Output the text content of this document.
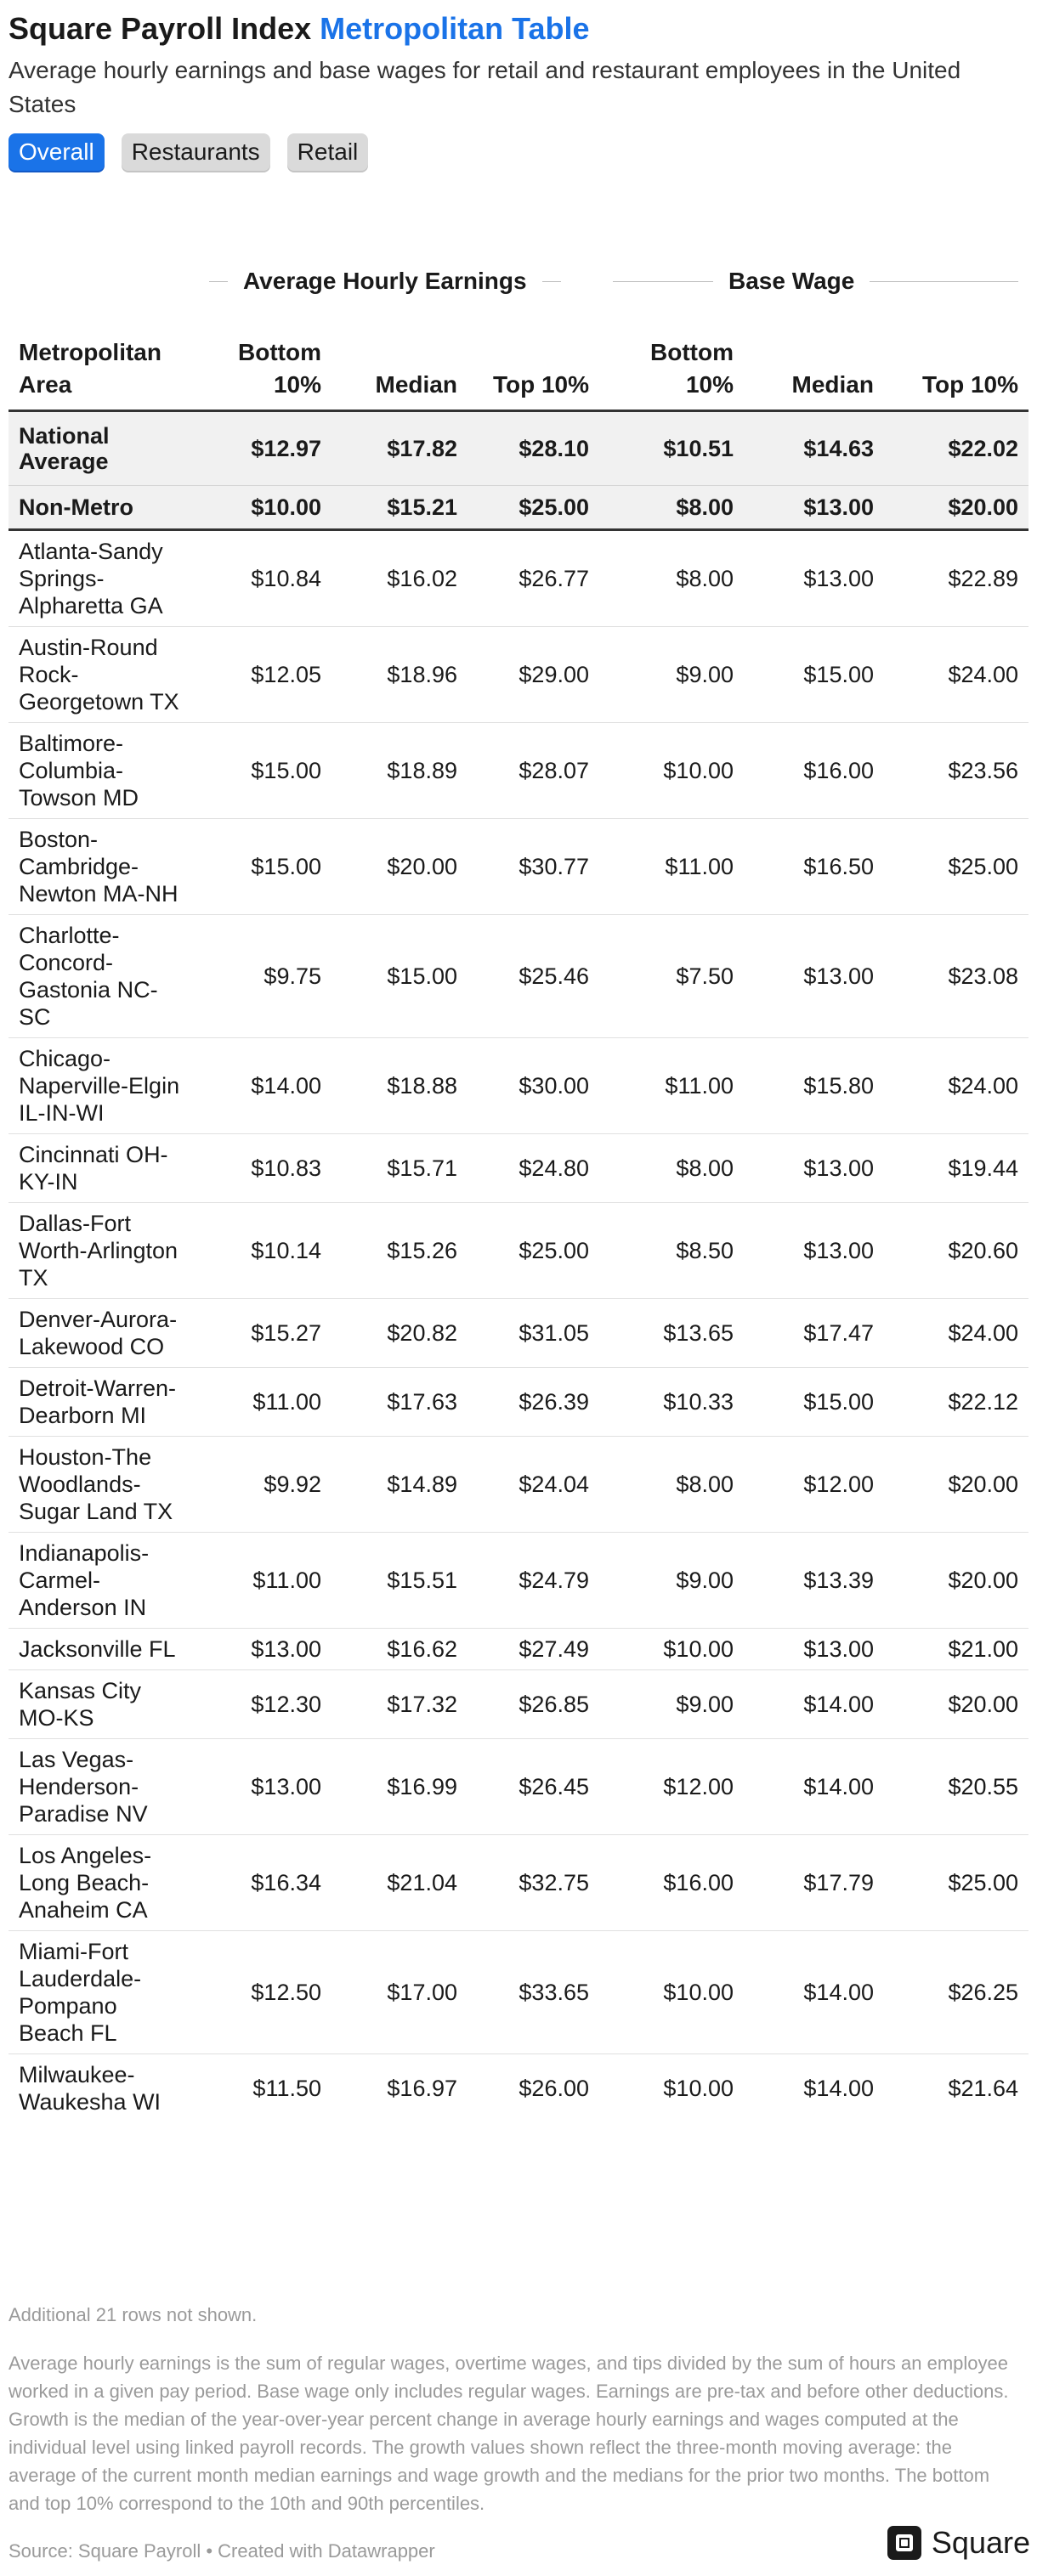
Square Payroll Index Metropolitan Table
Average hourly earnings and base wages for retail and restaurant employees in the United States
Overall	Restaurants	Retail

	Average Hourly Earnings			Base Wage		

Metropolitan Area	Bottom 10%	Median	Top 10%	Bottom 10%	Median	Top 10%
National Average	$12.97	$17.82	$28.10	$10.51	$14.63	$22.02
Non-Metro	$10.00	$15.21	$25.00	$8.00	$13.00	$20.00
Atlanta-Sandy Springs-Alpharetta GA	$10.84	$16.02	$26.77	$8.00	$13.00	$22.89
Austin-Round Rock-Georgetown TX	$12.05	$18.96	$29.00	$9.00	$15.00	$24.00
Baltimore-Columbia-Towson MD	$15.00	$18.89	$28.07	$10.00	$16.00	$23.56
Boston-Cambridge-Newton MA-NH	$15.00	$20.00	$30.77	$11.00	$16.50	$25.00
Charlotte-Concord-Gastonia NC-SC	$9.75	$15.00	$25.46	$7.50	$13.00	$23.08
Chicago-Naperville-Elgin IL-IN-WI	$14.00	$18.88	$30.00	$11.00	$15.80	$24.00
Cincinnati OH-KY-IN	$10.83	$15.71	$24.80	$8.00	$13.00	$19.44
Dallas-Fort Worth-Arlington TX	$10.14	$15.26	$25.00	$8.50	$13.00	$20.60
Denver-Aurora-Lakewood CO	$15.27	$20.82	$31.05	$13.65	$17.47	$24.00
Detroit-Warren-Dearborn MI	$11.00	$17.63	$26.39	$10.33	$15.00	$22.12
Houston-The Woodlands-Sugar Land TX	$9.92	$14.89	$24.04	$8.00	$12.00	$20.00
Indianapolis-Carmel-Anderson IN	$11.00	$15.51	$24.79	$9.00	$13.39	$20.00
Jacksonville FL	$13.00	$16.62	$27.49	$10.00	$13.00	$21.00
Kansas City MO-KS	$12.30	$17.32	$26.85	$9.00	$14.00	$20.00
Las Vegas-Henderson-Paradise NV	$13.00	$16.99	$26.45	$12.00	$14.00	$20.55
Los Angeles-Long Beach-Anaheim CA	$16.34	$21.04	$32.75	$16.00	$17.79	$25.00
Miami-Fort Lauderdale-Pompano Beach FL	$12.50	$17.00	$33.65	$10.00	$14.00	$26.25
Milwaukee-Waukesha WI	$11.50	$16.97	$26.00	$10.00	$14.00	$21.64
Additional 21 rows not shown.
Average hourly earnings is the sum of regular wages, overtime wages, and tips divided by the sum of hours an employee worked in a given pay period. Base wage only includes regular wages. Earnings are pre-tax and before other deductions. Growth is the median of the year-over-year percent change in average hourly earnings and wages computed at the individual level using linked payroll records. The growth values shown reflect the three-month moving average: the average of the current month median earnings and wage growth and the medians for the prior two months. The bottom and top 10% correspond to the 10th and 90th percentiles.
Source: Square Payroll • Created with Datawrapper	Square
